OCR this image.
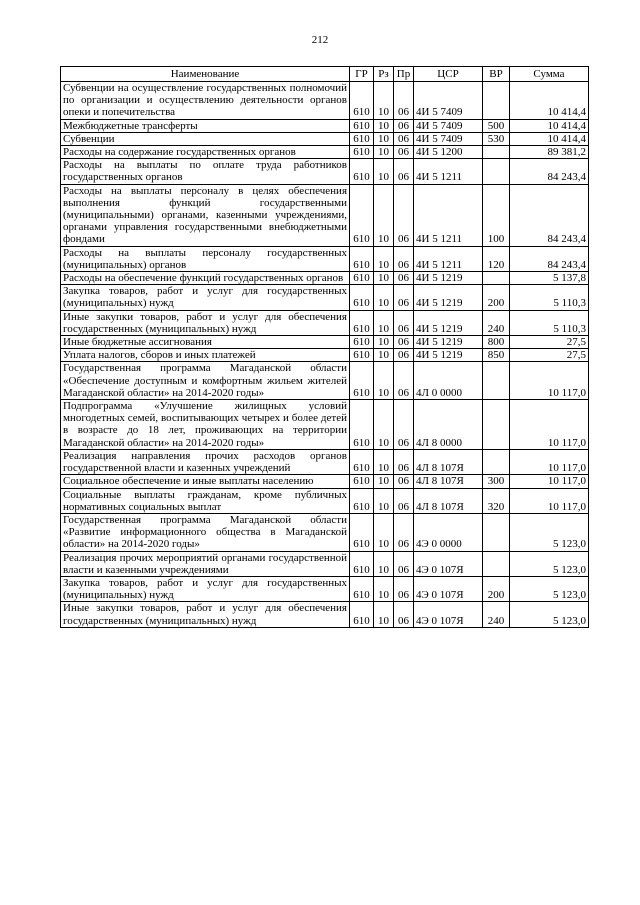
212
Наименование	ГР	Рз	Пр	ЦСР	ВР	Сумма
Субвенции на осуществление государственных полномочий по организации и осуществлению деятельности органов опеки и попечительства	610	10	06	4И 5 7409		10 414,4
Межбюджетные трансферты	610	10	06	4И 5 7409	500	10 414,4
Субвенции	610	10	06	4И 5 7409	530	10 414,4
Расходы на содержание государственных органов	610	10	06	4И 5 1200		89 381,2
Расходы на выплаты по оплате труда работников государственных органов	610	10	06	4И 5 1211		84 243,4
Расходы на выплаты персоналу в целях обеспечения выполнения функций государственными (муниципальными) органами, казенными учреждениями, органами управления государственными внебюджетными фондами	610	10	06	4И 5 1211	100	84 243,4
Расходы на выплаты персоналу государственных (муниципальных) органов	610	10	06	4И 5 1211	120	84 243,4
Расходы на обеспечение функций государственных органов	610	10	06	4И 5 1219		5 137,8
Закупка товаров, работ и услуг для государственных (муниципальных) нужд	610	10	06	4И 5 1219	200	5 110,3
Иные закупки товаров, работ и услуг для обеспечения государственных (муниципальных) нужд	610	10	06	4И 5 1219	240	5 110,3
Иные бюджетные ассигнования	610	10	06	4И 5 1219	800	27,5
Уплата налогов, сборов и иных платежей	610	10	06	4И 5 1219	850	27,5
Государственная программа Магаданской области «Обеспечение доступным и комфортным жильем жителей Магаданской области» на 2014-2020 годы»	610	10	06	4Л 0 0000		10 117,0
Подпрограмма «Улучшение жилищных условий многодетных семей, воспитывающих четырех и более детей в возрасте до 18 лет, проживающих на территории Магаданской области» на 2014-2020 годы»	610	10	06	4Л 8 0000		10 117,0
Реализация направления прочих расходов органов государственной власти и казенных учреждений	610	10	06	4Л 8 107Я		10 117,0
Социальное обеспечение и иные выплаты населению	610	10	06	4Л 8 107Я	300	10 117,0
Социальные выплаты гражданам, кроме публичных нормативных социальных выплат	610	10	06	4Л 8 107Я	320	10 117,0
Государственная программа Магаданской области «Развитие информационного общества в Магаданской области» на 2014-2020 годы»	610	10	06	4Э 0 0000		5 123,0
Реализация прочих мероприятий органами государственной власти и казенными учреждениями	610	10	06	4Э 0 107Я		5 123,0
Закупка товаров, работ и услуг для государственных (муниципальных) нужд	610	10	06	4Э 0 107Я	200	5 123,0
Иные закупки товаров, работ и услуг для обеспечения государственных (муниципальных) нужд	610	10	06	4Э 0 107Я	240	5 123,0
